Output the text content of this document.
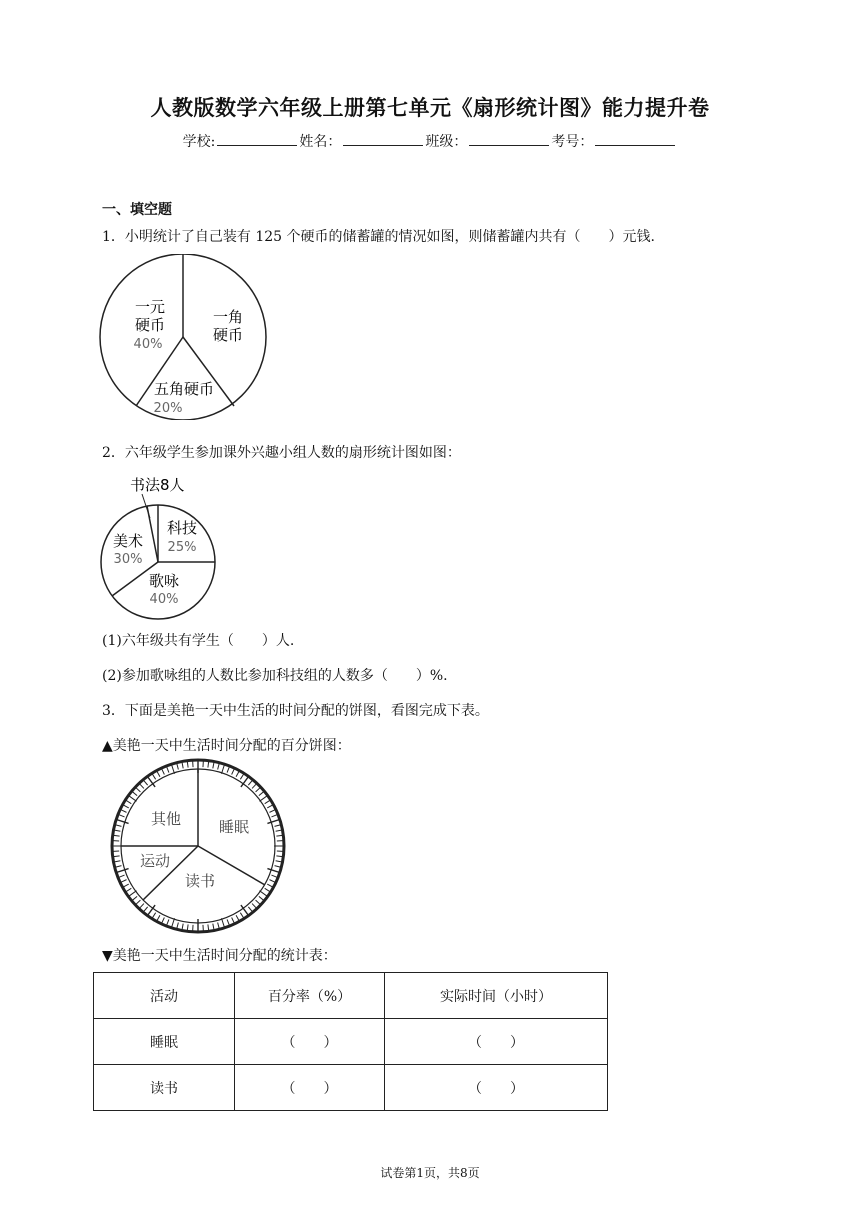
人教版数学六年级上册第七单元《扇形统计图》能力提升卷
学校:	姓名：	班级：	考号：
一、填空题
1．小明统计了自己装有 125 个硬币的储蓄罐的情况如图，则储蓄罐内共有（　　）元钱.
一元
硬币
40%
一角
硬币
五角硬币
20%
2．六年级学生参加课外兴趣小组人数的扇形统计图如图：
书法8人
科技
25%
美术
30%
歌咏
40%
(1)六年级共有学生（　　）人.
(2)参加歌咏组的人数比参加科技组的人数多（　　）%.
3．下面是美艳一天中生活的时间分配的饼图，看图完成下表。
▲美艳一天中生活时间分配的百分饼图：
其他	睡眠
运动
读书
▼美艳一天中生活时间分配的统计表：
活动	百分率（%）	实际时间（小时）
睡眠	（　　）	（　　）
读书	（　　）	（　　）
试卷第1页，共8页
